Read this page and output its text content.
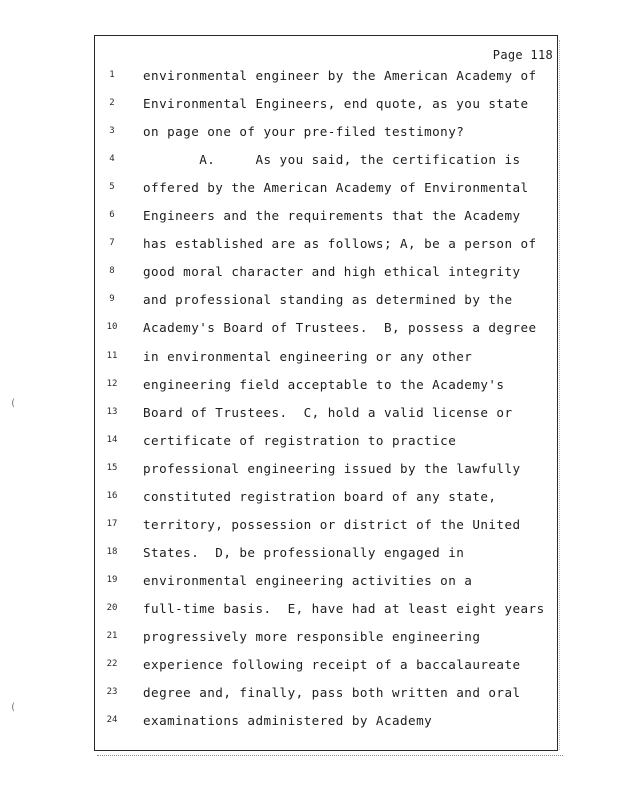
(
(
Page 118
1	environmental engineer by the American Academy of
2	Environmental Engineers, end quote, as you state
3	on page one of your pre-filed testimony?
4	A.     As you said, the certification is
5	offered by the American Academy of Environmental
6	Engineers and the requirements that the Academy
7	has established are as follows; A, be a person of
8	good moral character and high ethical integrity
9	and professional standing as determined by the
10	Academy's Board of Trustees.  B, possess a degree
11	in environmental engineering or any other
12	engineering field acceptable to the Academy's
13	Board of Trustees.  C, hold a valid license or
14	certificate of registration to practice
15	professional engineering issued by the lawfully
16	constituted registration board of any state,
17	territory, possession or district of the United
18	States.  D, be professionally engaged in
19	environmental engineering activities on a
20	full-time basis.  E, have had at least eight years
21	progressively more responsible engineering
22	experience following receipt of a baccalaureate
23	degree and, finally, pass both written and oral
24	examinations administered by Academy
